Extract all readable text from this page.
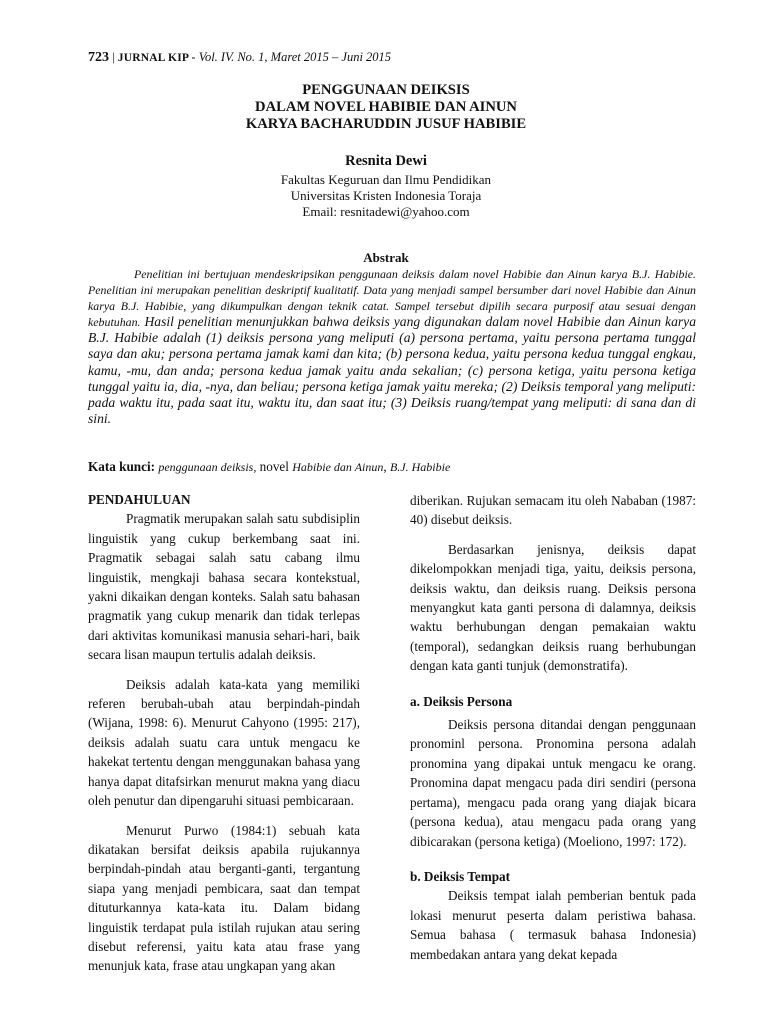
723 | JURNAL KIP - Vol. IV. No. 1, Maret 2015 – Juni 2015
PENGGUNAAN DEIKSIS
DALAM NOVEL HABIBIE DAN AINUN
KARYA BACHARUDDIN JUSUF HABIBIE
Resnita Dewi
Fakultas Keguruan dan Ilmu Pendidikan
Universitas Kristen Indonesia Toraja
Email: resnitadewi@yahoo.com
Abstrak

Penelitian ini bertujuan mendeskripsikan penggunaan deiksis dalam novel Habibie dan Ainun karya B.J. Habibie. Penelitian ini merupakan penelitian deskriptif kualitatif. Data yang menjadi sampel bersumber dari novel Habibie dan Ainun karya B.J. Habibie, yang dikumpulkan dengan teknik catat. Sampel tersebut dipilih secara purposif atau sesuai dengan kebutuhan. Hasil penelitian menunjukkan bahwa deiksis yang digunakan dalam novel Habibie dan Ainun karya B.J. Habibie adalah (1) deiksis persona yang meliputi (a) persona pertama, yaitu persona pertama tunggal saya dan aku; persona pertama jamak kami dan kita; (b) persona kedua, yaitu persona kedua tunggal engkau, kamu, -mu, dan anda; persona kedua jamak yaitu anda sekalian; (c) persona ketiga, yaitu persona ketiga tunggal yaitu ia, dia, -nya, dan beliau; persona ketiga jamak yaitu mereka; (2) Deiksis temporal yang meliputi: pada waktu itu, pada saat itu, waktu itu, dan saat itu; (3) Deiksis ruang/tempat yang meliputi: di sana dan di sini.

Kata kunci: penggunaan deiksis, novel Habibie dan Ainun, B.J. Habibie
PENDAHULUAN

Pragmatik merupakan salah satu subdisiplin linguistik yang cukup berkembang saat ini. Pragmatik sebagai salah satu cabang ilmu linguistik, mengkaji bahasa secara kontekstual, yakni dikaikan dengan konteks. Salah satu bahasan pragmatik yang cukup menarik dan tidak terlepas dari aktivitas komunikasi manusia sehari-hari, baik secara lisan maupun tertulis adalah deiksis.

Deiksis adalah kata-kata yang memiliki referen berubah-ubah atau berpindah-pindah (Wijana, 1998: 6). Menurut Cahyono (1995: 217), deiksis adalah suatu cara untuk mengacu ke hakekat tertentu dengan menggunakan bahasa yang hanya dapat ditafsirkan menurut makna yang diacu oleh penutur dan dipengaruhi situasi pembicaraan.

Menurut Purwo (1984:1) sebuah kata dikatakan bersifat deiksis apabila rujukannya berpindah-pindah atau berganti-ganti, tergantung siapa yang menjadi pembicara, saat dan tempat dituturkannya kata-kata itu. Dalam bidang linguistik terdapat pula istilah rujukan atau sering disebut referensi, yaitu kata atau frase yang menunjuk kata, frase atau ungkapan yang akan

diberikan. Rujukan semacam itu oleh Nababan (1987: 40) disebut deiksis.

Berdasarkan jenisnya, deiksis dapat dikelompokkan menjadi tiga, yaitu, deiksis persona, deiksis waktu, dan deiksis ruang. Deiksis persona menyangkut kata ganti persona di dalamnya, deiksis waktu berhubungan dengan pemakaian waktu (temporal), sedangkan deiksis ruang berhubungan dengan kata ganti tunjuk (demonstratifa).

a. Deiksis Persona

Deiksis persona ditandai dengan penggunaan pronominl persona. Pronomina persona adalah pronomina yang dipakai untuk mengacu ke orang. Pronomina dapat mengacu pada diri sendiri (persona pertama), mengacu pada orang yang diajak bicara (persona kedua), atau mengacu pada orang yang dibicarakan (persona ketiga) (Moeliono, 1997: 172).

b. Deiksis Tempat

Deiksis tempat ialah pemberian bentuk pada lokasi menurut peserta dalam peristiwa bahasa. Semua bahasa ( termasuk bahasa Indonesia) membedakan antara yang dekat kepada
